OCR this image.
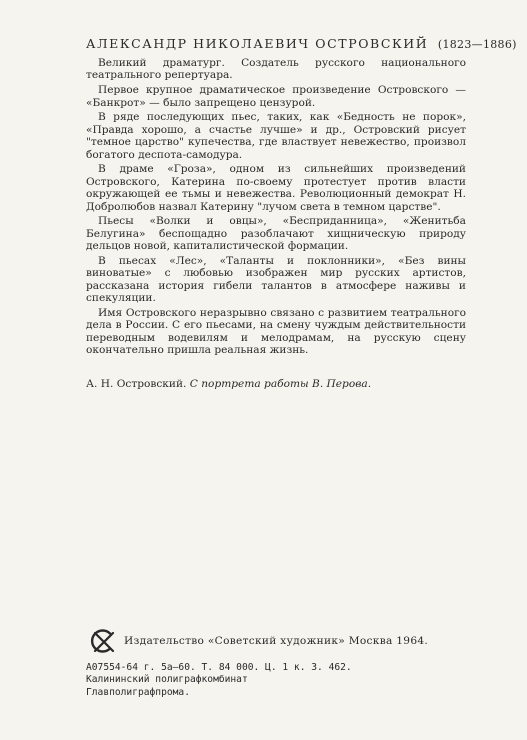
АЛЕКСАНДР НИКОЛАЕВИЧ ОСТРОВСКИЙ (1823—1886)

Великий драматург. Создатель русского национального театрального репертуара.

Первое крупное драматическое произведение Островского — «Банкрот» — было запрещено цензурой.

В ряде последующих пьес, таких, как «Бедность не порок», «Правда хорошо, а счастье лучше» и др., Островский рисует "темное царство" купечества, где властвует невежество, произвол богатого деспота-самодура.

В драме «Гроза», одном из сильнейших произведений Островского, Катерина по-своему протестует против власти окружающей ее тьмы и невежества. Революционный демократ Н. Добролюбов назвал Катерину "лучом света в темном царстве".

Пьесы «Волки и овцы», «Бесприданница», «Женитьба Белугина» беспощадно разоблачают хищническую природу дельцов новой, капиталистической формации.

В пьесах «Лес», «Таланты и поклонники», «Без вины виноватые» с любовью изображен мир русских артистов, рассказана история гибели талантов в атмосфере наживы и спекуляции.

Имя Островского неразрывно связано с развитием театрального дела в России. С его пьесами, на смену чуждым действительности переводным водевилям и мелодрамам, на русскую сцену окончательно пришла реальная жизнь.

А. Н. Островский. С портрета работы В. Перова.
Издательство «Советский художник» Москва 1964.
А07554-64 г. 5а—60. Т. 84 000. Ц. 1 к. З. 462.
Калининский полиграфкомбинат
Главполиграфпрома.
